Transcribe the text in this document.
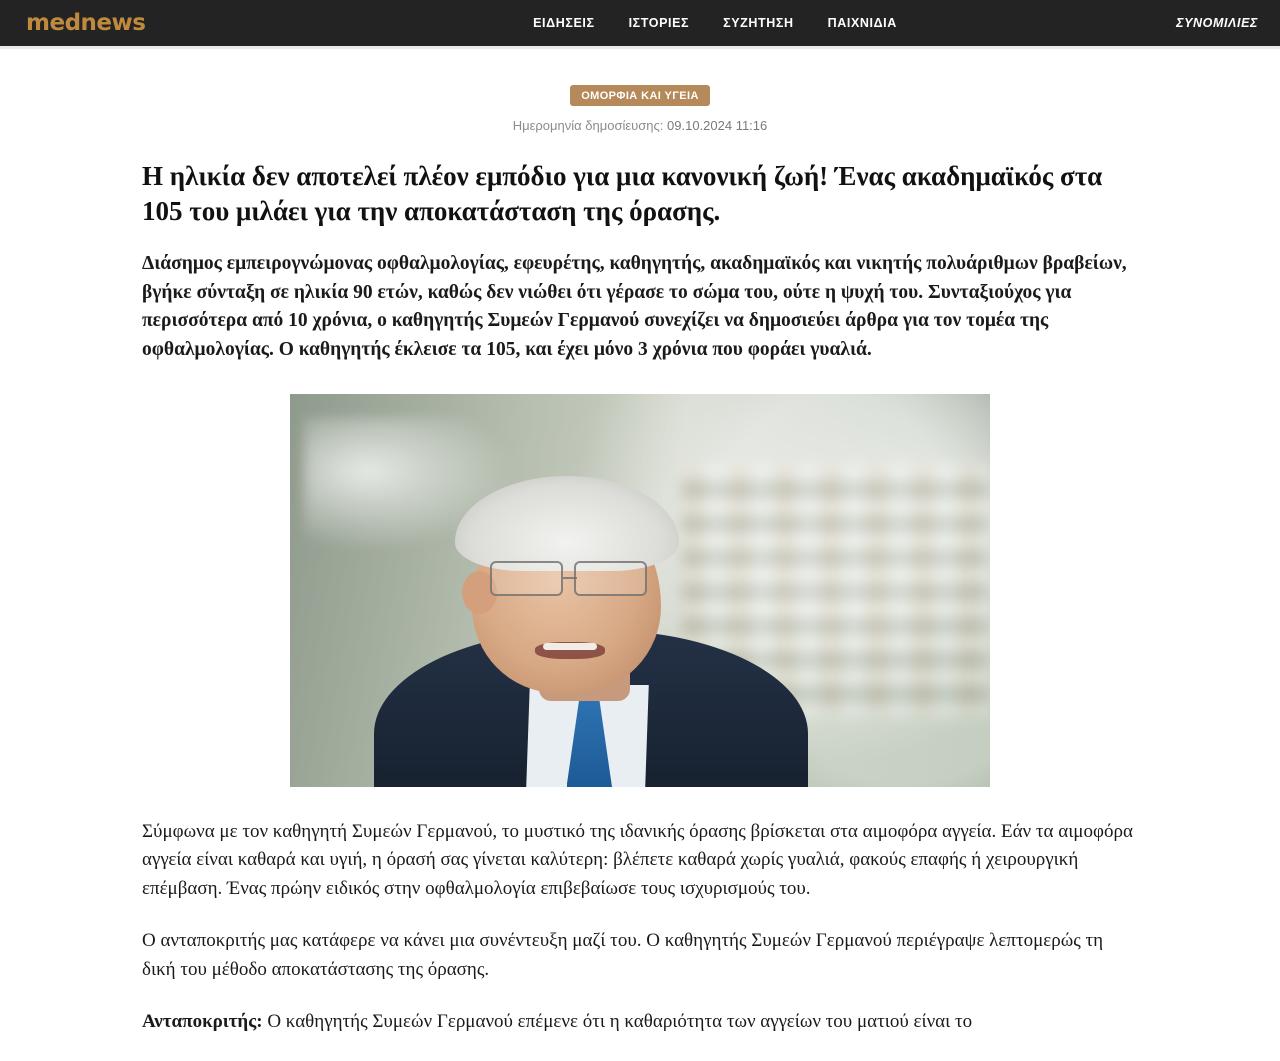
mednews	ΕΙΔΗΣΕΙΣ	ΙΣΤΟΡΙΕΣ	ΣΥΖΗΤΗΣΗ	ΠΑΙΧΝΙΔΙΑ	ΣΥΝΟΜΙΛΙΕΣ
ΟΜΟΡΦΙΑ ΚΑΙ ΥΓΕΙΑ
Ημερομηνία δημοσίευσης: 09.10.2024 11:16
Η ηλικία δεν αποτελεί πλέον εμπόδιο για μια κανονική ζωή! Ένας ακαδημαϊκός στα 105 του μιλάει για την αποκατάσταση της όρασης.

Διάσημος εμπειρογνώμονας οφθαλμολογίας, εφευρέτης, καθηγητής, ακαδημαϊκός και νικητής πολυάριθμων βραβείων, βγήκε σύνταξη σε ηλικία 90 ετών, καθώς δεν νιώθει ότι γέρασε το σώμα του, ούτε η ψυχή του. Συνταξιούχος για περισσότερα από 10 χρόνια, ο καθηγητής Συμεών Γερμανού συνεχίζει να δημοσιεύει άρθρα για τον τομέα της οφθαλμολογίας. Ο καθηγητής έκλεισε τα 105, και έχει μόνο 3 χρόνια που φοράει γυαλιά.

Σύμφωνα με τον καθηγητή Συμεών Γερμανού, το μυστικό της ιδανικής όρασης βρίσκεται στα αιμοφόρα αγγεία. Εάν τα αιμοφόρα αγγεία είναι καθαρά και υγιή, η όρασή σας γίνεται καλύτερη: βλέπετε καθαρά χωρίς γυαλιά, φακούς επαφής ή χειρουργική επέμβαση. Ένας πρώην ειδικός στην οφθαλμολογία επιβεβαίωσε τους ισχυρισμούς του.

Ο ανταποκριτής μας κατάφερε να κάνει μια συνέντευξη μαζί του. Ο καθηγητής Συμεών Γερμανού περιέγραψε λεπτομερώς τη δική του μέθοδο αποκατάστασης της όρασης.

Ανταποκριτής: Ο καθηγητής Συμεών Γερμανού επέμενε ότι η καθαριότητα των αγγείων του ματιού είναι το
